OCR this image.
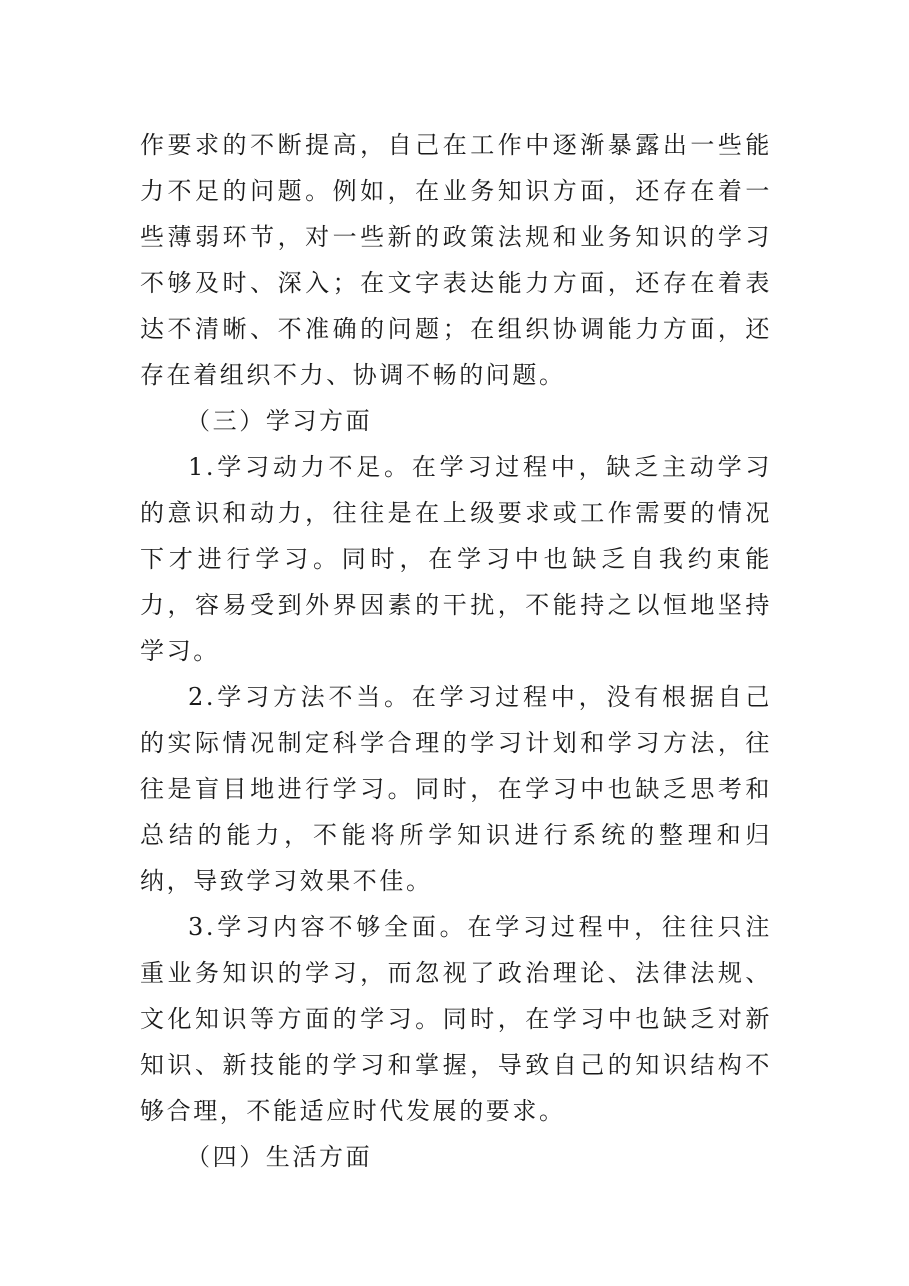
作要求的不断提高，自己在工作中逐渐暴露出一些能力不足的问题。例如，在业务知识方面，还存在着一些薄弱环节，对一些新的政策法规和业务知识的学习不够及时、深入；在文字表达能力方面，还存在着表达不清晰、不准确的问题；在组织协调能力方面，还存在着组织不力、协调不畅的问题。

（三）学习方面

1.学习动力不足。在学习过程中，缺乏主动学习的意识和动力，往往是在上级要求或工作需要的情况下才进行学习。同时，在学习中也缺乏自我约束能力，容易受到外界因素的干扰，不能持之以恒地坚持学习。

2.学习方法不当。在学习过程中，没有根据自己的实际情况制定科学合理的学习计划和学习方法，往往是盲目地进行学习。同时，在学习中也缺乏思考和总结的能力，不能将所学知识进行系统的整理和归纳，导致学习效果不佳。

3.学习内容不够全面。在学习过程中，往往只注重业务知识的学习，而忽视了政治理论、法律法规、文化知识等方面的学习。同时，在学习中也缺乏对新知识、新技能的学习和掌握，导致自己的知识结构不够合理，不能适应时代发展的要求。

（四）生活方面
